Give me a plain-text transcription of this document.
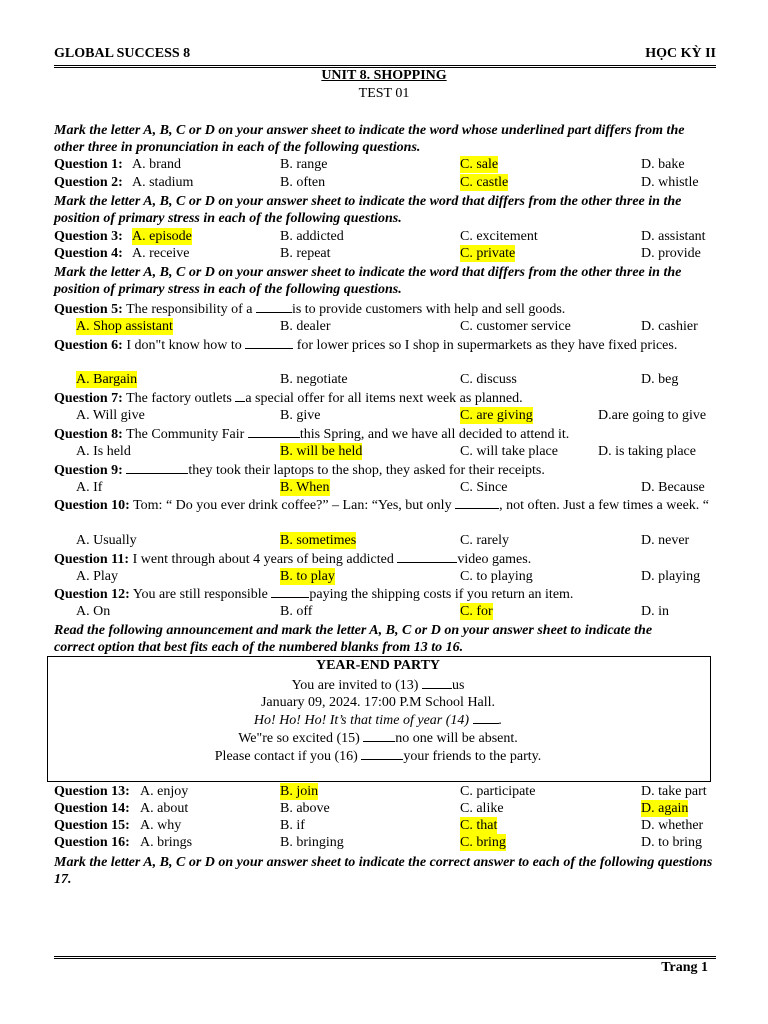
GLOBAL SUCCESS 8	HỌC KỲ II
UNIT 8. SHOPPING
TEST 01
Mark the letter A, B, C or D on your answer sheet to indicate the word whose underlined part differs from the other three in pronunciation in each of the following questions.
Question 1: A. brand	B. range	C. sale	D. bake
Question 2: A. stadium	B. often	C. castle	D. whistle
Mark the letter A, B, C or D on your answer sheet to indicate the word that differs from the other three in the position of primary stress in each of the following questions.
Question 3: A. episode	B. addicted	C. excitement	D. assistant
Question 4: A. receive	B. repeat	C. private	D. provide
Mark the letter A, B, C or D on your answer sheet to indicate the word that differs from the other three in the position of primary stress in each of the following questions.
Question 5: The responsibility of a	is to provide customers with help and sell goods.
A. Shop assistant	B. dealer	C. customer service	D. cashier
Question 6: I don"t know how to	for lower prices so I shop in supermarkets as they have fixed prices.
A. Bargain	B. negotiate	C. discuss	D. beg
Question 7: The factory outlets a special offer for all items next week as planned.
A. Will give	B. give	C. are giving	D.are going to give
Question 8: The Community Fair	this Spring, and we have all decided to attend it.
A. Is held	B. will be held	C. will take place	D. is taking place
Question 9:	they took their laptops to the shop, they asked for their receipts.
A. If	B. When	C. Since	D. Because
Question 10: Tom: “ Do you ever drink coffee?” – Lan: “Yes, but only	, not often. Just a few times a week. “
A. Usually	B. sometimes	C. rarely	D. never
Question 11: I went through about 4 years of being addicted	video games.
A. Play	B. to play	C. to playing	D. playing
Question 12: You are still responsible	paying the shipping costs if you return an item.
A. On	B. off	C. for	D. in
Read the following announcement and mark the letter A, B, C or D on your answer sheet to indicate the correct option that best fits each of the numbered blanks from 13 to 16.
YEAR-END PARTY
You are invited to (13) us
January 09, 2024. 17:00 P.M School Hall.
Ho! Ho! Ho! It’s that time of year (14) .
We"re so excited (15) no one will be absent.
Please contact if you (16)	your friends to the party.
Question 13: A. enjoy	B. join	C. participate	D. take part
Question 14: A. about	B. above	C. alike	D. again
Question 15: A. why	B. if	C. that	D. whether
Question 16: A. brings	B. bringing	C. bring	D. to bring
Mark the letter A, B, C or D on your answer sheet to indicate the correct answer to each of the following questions 17.
Trang 1
